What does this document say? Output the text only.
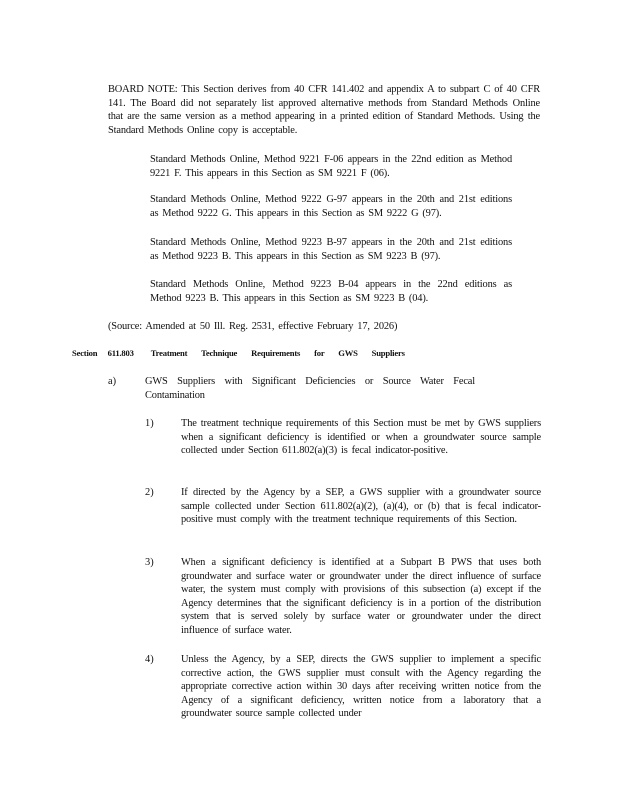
BOARD NOTE: This Section derives from 40 CFR 141.402 and appendix A to subpart C of 40 CFR 141. The Board did not separately list approved alternative methods from Standard Methods Online that are the same version as a method appearing in a printed edition of Standard Methods. Using the Standard Methods Online copy is acceptable.

Standard Methods Online, Method 9221 F-06 appears in the 22nd edition as Method 9221 F. This appears in this Section as SM 9221 F (06).

Standard Methods Online, Method 9222 G-97 appears in the 20th and 21st editions as Method 9222 G. This appears in this Section as SM 9222 G (97).

Standard Methods Online, Method 9223 B-97 appears in the 20th and 21st editions as Method 9223 B. This appears in this Section as SM 9223 B (97).

Standard Methods Online, Method 9223 B-04 appears in the 22nd editions as Method 9223 B. This appears in this Section as SM 9223 B (04).

(Source: Amended at 50 Ill. Reg. 2531, effective February 17, 2026)

Section	611.803	Treatment Technique Requirements for GWS Suppliers
a)	GWS Suppliers with Significant Deficiencies or Source Water Fecal Contamination

1)	The treatment technique requirements of this Section must be met by GWS suppliers when a significant deficiency is identified or when a groundwater source sample collected under Section 611.802(a)(3) is fecal indicator-positive.

2)	If directed by the Agency by a SEP, a GWS supplier with a groundwater source sample collected under Section 611.802(a)(2), (a)(4), or (b) that is fecal indicator-positive must comply with the treatment technique requirements of this Section.

3)	When a significant deficiency is identified at a Subpart B PWS that uses both groundwater and surface water or groundwater under the direct influence of surface water, the system must comply with provisions of this subsection (a) except if the Agency determines that the significant deficiency is in a portion of the distribution system that is served solely by surface water or groundwater under the direct influence of surface water.

4)	Unless the Agency, by a SEP, directs the GWS supplier to implement a specific corrective action, the GWS supplier must consult with the Agency regarding the appropriate corrective action within 30 days after receiving written notice from the Agency of a significant deficiency, written notice from a laboratory that a groundwater source sample collected under
